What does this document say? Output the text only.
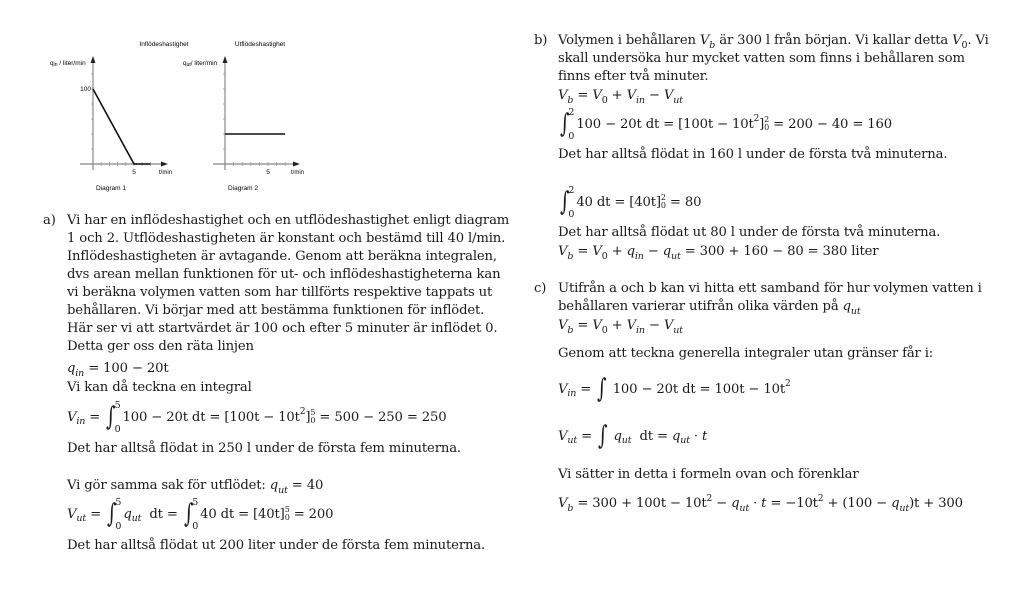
Inflödeshastighet
qin / liter/min
100
5	t/min
Diagram 1
Utflödeshastighet
qut/ liter/min
5	t/min
Diagram 2
a) Vi har en inflödeshastighet och en utflödeshastighet enligt diagram
1 och 2. Utflödeshastigheten är konstant och bestämd till 40 l/min.
Inflödeshastigheten är avtagande. Genom att beräkna integralen,
dvs arean mellan funktionen för ut- och inflödeshastigheterna kan
vi beräkna volymen vatten som har tillförts respektive tappats ut
behållaren. Vi börjar med att bestämma funktionen för inflödet.
Här ser vi att startvärdet är 100 och efter 5 minuter är inflödet 0.
Detta ger oss den räta linjen
$q_{in} = 100 - 20t$
Vi kan då teckna en integral
V in
=
∫ 5
0
100 − 20t dt = [100t − 10t 2 ] 5
0
= 500 − 250 = 250
Det har alltså flödat in 250 l under de första fem minuterna.
Vi gör samma sak för utflödet: $q_{ut} = 40$
V ut
=
∫ 5
0
q ut
dt =
∫ 5
0
40 dt = [40t] 5
0
= 200
Det har alltså flödat ut 200 liter under de första fem minuterna.
b) Volymen i behållaren $V_b$ är 300 l från början. Vi kallar detta $V_0$. Vi
skall undersöka hur mycket vatten som finns i behållaren som
finns efter två minuter.
$V_b = V_0 + V_{in} - V_{ut}$
∫ 2
0
100 − 20t dt = [100t − 10t 2 ] 2
0
= 200 − 40 = 160
Det har alltså flödat in 160 l under de första två minuterna.
∫ 2
0
40 dt = [40t] 2
0
= 80
Det har alltså flödat ut 80 l under de första två minuterna.
$V_b = V_0 + q_{in} - q_{ut} = 300 + 160 - 80 = 380$ liter
c) Utifrån a och b kan vi hitta ett samband för hur volymen vatten i
behållaren varierar utifrån olika värden på $q_{ut}$
$V_b = V_0 + V_{in} - V_{ut}$
Genom att teckna generella integraler utan gränser får i:
V in
=
∫
100 − 20t dt = 100t − 10t 2
V ut
=
∫
q ut
dt =
q ut
·
t
Vi sätter in detta i formeln ovan och förenklar
$V_b = 300 + 100t - 10t^2 - q_{ut} \cdot t = -10t^2 + (100 - q_{ut})t + 300$
